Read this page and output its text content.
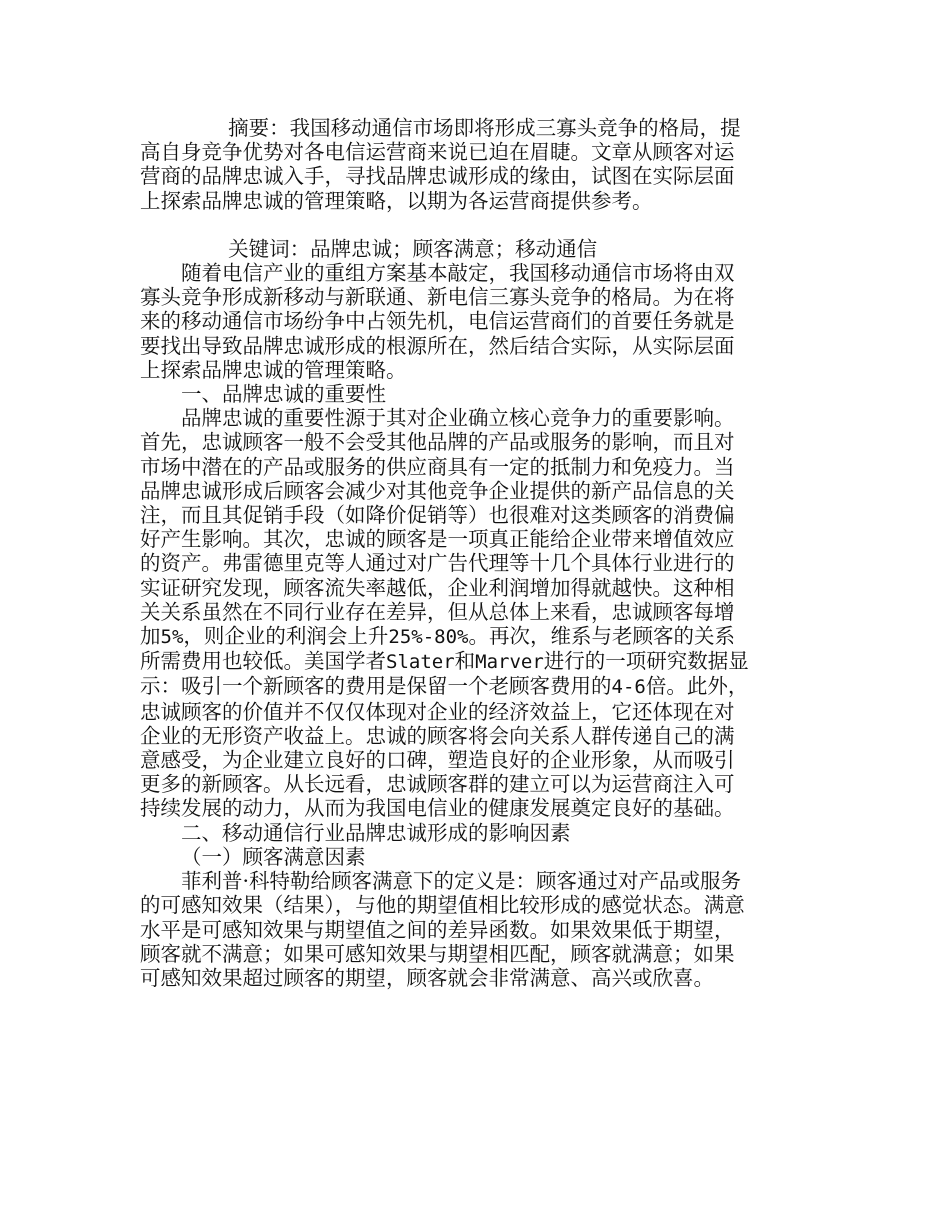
摘要：我国移动通信市场即将形成三寡头竞争的格局，提高自身竞争优势对各电信运营商来说已迫在眉睫。文章从顾客对运营商的品牌忠诚入手，寻找品牌忠诚形成的缘由，试图在实际层面上探索品牌忠诚的管理策略，以期为各运营商提供参考。

关键词：品牌忠诚；顾客满意；移动通信

随着电信产业的重组方案基本敲定，我国移动通信市场将由双寡头竞争形成新移动与新联通、新电信三寡头竞争的格局。为在将来的移动通信市场纷争中占领先机，电信运营商们的首要任务就是要找出导致品牌忠诚形成的根源所在，然后结合实际，从实际层面上探索品牌忠诚的管理策略。

一、品牌忠诚的重要性

品牌忠诚的重要性源于其对企业确立核心竞争力的重要影响。首先，忠诚顾客一般不会受其他品牌的产品或服务的影响，而且对市场中潜在的产品或服务的供应商具有一定的抵制力和免疫力。当品牌忠诚形成后顾客会减少对其他竞争企业提供的新产品信息的关注，而且其促销手段（如降价促销等）也很难对这类顾客的消费偏好产生影响。其次，忠诚的顾客是一项真正能给企业带来增值效应的资产。弗雷德里克等人通过对广告代理等十几个具体行业进行的实证研究发现，顾客流失率越低，企业利润增加得就越快。这种相关关系虽然在不同行业存在差异，但从总体上来看，忠诚顾客每增加5%，则企业的利润会上升25%-80%。再次，维系与老顾客的关系所需费用也较低。美国学者Slater和Marver进行的一项研究数据显示：吸引一个新顾客的费用是保留一个老顾客费用的4-6倍。此外，忠诚顾客的价值并不仅仅体现对企业的经济效益上，它还体现在对企业的无形资产收益上。忠诚的顾客将会向关系人群传递自己的满意感受，为企业建立良好的口碑，塑造良好的企业形象，从而吸引更多的新顾客。从长远看，忠诚顾客群的建立可以为运营商注入可持续发展的动力，从而为我国电信业的健康发展奠定良好的基础。

二、移动通信行业品牌忠诚形成的影响因素

（一）顾客满意因素

菲利普·科特勒给顾客满意下的定义是：顾客通过对产品或服务的可感知效果（结果），与他的期望值相比较形成的感觉状态。满意水平是可感知效果与期望值之间的差异函数。如果效果低于期望，顾客就不满意；如果可感知效果与期望相匹配，顾客就满意；如果可感知效果超过顾客的期望，顾客就会非常满意、高兴或欣喜。
